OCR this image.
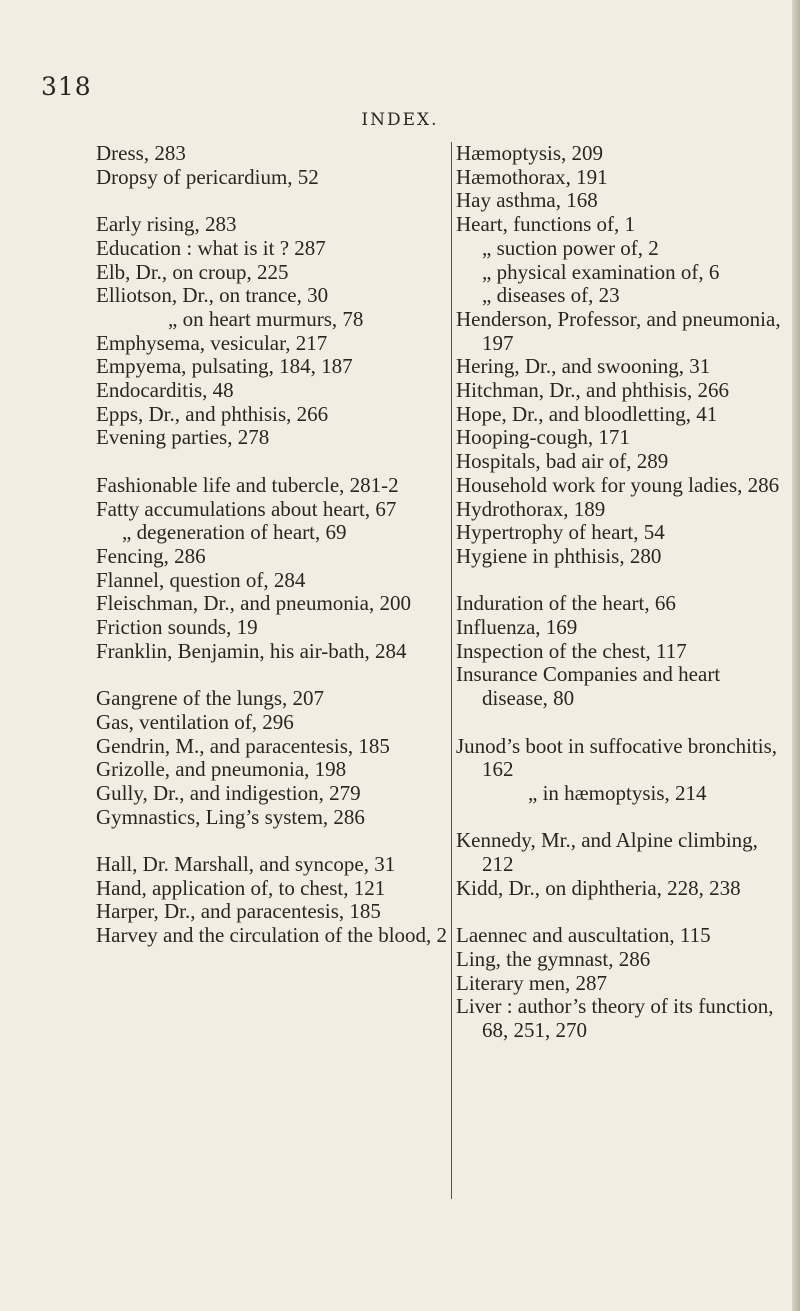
318
INDEX.
Dress, 283
Dropsy of pericardium, 52
Early rising, 283
Education : what is it ? 287
Elb, Dr., on croup, 225
Elliotson, Dr., on trance, 30
„ on heart murmurs, 78
Emphysema, vesicular, 217
Empyema, pulsating, 184, 187
Endocarditis, 48
Epps, Dr., and phthisis, 266
Evening parties, 278
Fashionable life and tubercle, 281-2
Fatty accumulations about heart, 67
„ degeneration of heart, 69
Fencing, 286
Flannel, question of, 284
Fleischman, Dr., and pneumonia, 200
Friction sounds, 19
Franklin, Benjamin, his air-bath, 284
Gangrene of the lungs, 207
Gas, ventilation of, 296
Gendrin, M., and paracentesis, 185
Grizolle, and pneumonia, 198
Gully, Dr., and indigestion, 279
Gymnastics, Ling’s system, 286
Hall, Dr. Marshall, and syncope, 31
Hand, application of, to chest, 121
Harper, Dr., and paracentesis, 185
Harvey and the circulation of the blood, 2
Hæmoptysis, 209
Hæmothorax, 191
Hay asthma, 168
Heart, functions of, 1
„ suction power of, 2
„ physical examination of, 6
„ diseases of, 23
Henderson, Professor, and pneumonia, 197
Hering, Dr., and swooning, 31
Hitchman, Dr., and phthisis, 266
Hope, Dr., and bloodletting, 41
Hooping-cough, 171
Hospitals, bad air of, 289
Household work for young ladies, 286
Hydrothorax, 189
Hypertrophy of heart, 54
Hygiene in phthisis, 280
Induration of the heart, 66
Influenza, 169
Inspection of the chest, 117
Insurance Companies and heart disease, 80
Junod’s boot in suffocative bronchitis, 162
„ in hæmoptysis, 214
Kennedy, Mr., and Alpine climbing, 212
Kidd, Dr., on diphtheria, 228, 238
Laennec and auscultation, 115
Ling, the gymnast, 286
Literary men, 287
Liver : author’s theory of its function, 68, 251, 270
